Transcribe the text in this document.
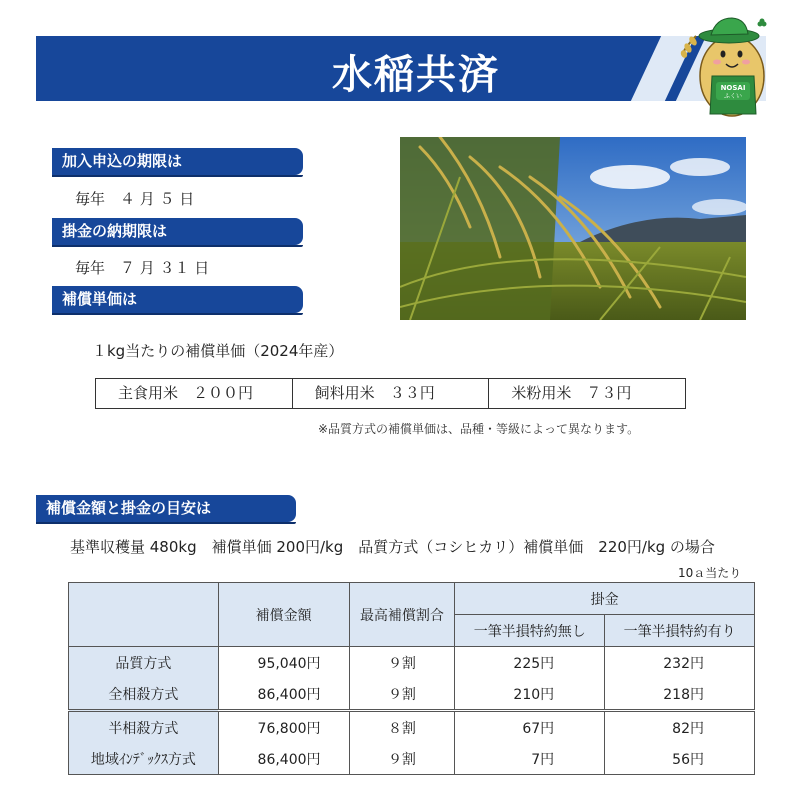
水稲共済	NOSAI
ふくい
加入申込の期限は
毎年　４ 月 ５ 日
掛金の納期限は
毎年　７ 月 ３１ 日
補償単価は
１kg当たりの補償単価（2024年産）
主食用米　 ２００円	飼料用米　 ３３円	米粉用米　 ７３円
※品質方式の補償単価は、品種・等級によって異なります。
補償金額と掛金の目安は
基準収穫量 480kg　補償単価 200円/kg　品質方式（コシヒカリ）補償単価　220円/kg の場合
10ａ当たり
	補償金額	最高補償割合	掛金	
			一筆半損特約無し	一筆半損特約有り
品質方式	95,040円	９割	225円	232円
全相殺方式	86,400円	９割	210円	218円
半相殺方式	76,800円	８割	67円	82円
地域ｲﾝﾃﾞｯｸｽ方式	86,400円	９割	7円	56円
